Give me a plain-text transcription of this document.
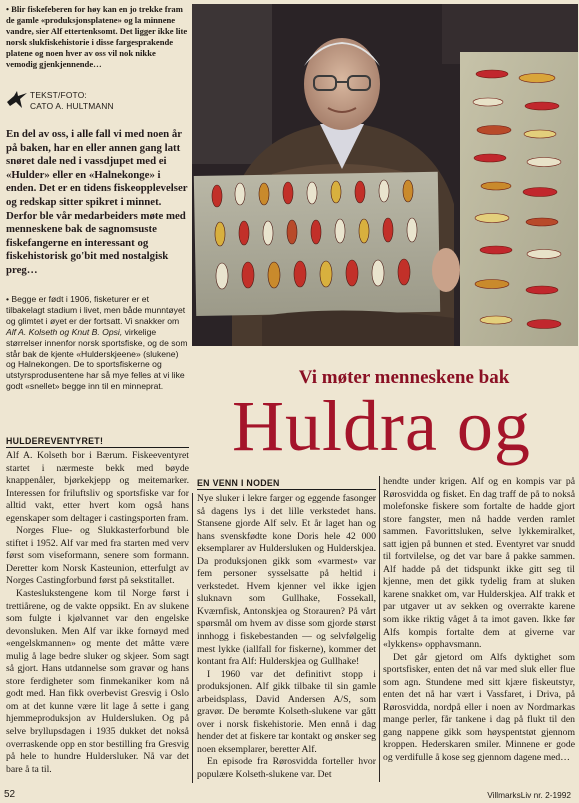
• Blir fiskefeberen for høy kan en jo trekke fram de gamle «produksjonsplatene» og la minnene vandre, sier Alf ettertenksomt. Det ligger ikke lite norsk slukfiskehistorie i disse fargesprakende platene og noen hver av oss vil nok nikke vemodig gjenkjennende…

TEKST/FOTO:
CATO A. HULTMANN

En del av oss, i alle fall vi med noen år på baken, har en eller annen gang latt snøret dale ned i vassdjupet med ei «Hulder» eller en «Halnekonge» i enden. Det er en tidens fiskeopplevelser og redskap sitter spikret i minnet. Derfor ble vår medarbeiders møte med menneskene bak de sagnomsuste fiskefangerne en interessant og fiskehistorisk go'bit med nostalgisk preg…

• Begge er født i 1906, fisketurer er et tilbakelagt stadium i livet, men både munntøyet og glimtet i øyet er der fortsatt. Vi snakker om Alf A. Kolseth og Knut B. Opsi, virkelige størrelser innenfor norsk sportsfiske, og de som står bak de kjente «Hulderskjeene» (slukene) og Halnekongen. De to sportsfiskerne og utstyrsprodusentene har så mye felles at vi like godt «snellet» begge inn til en minneprat.	Vi møter menneskene bak
Huldra og
HULDEREVENTYRET!

Alf A. Kolseth bor i Bærum. Fiskeeventyret startet i nærmeste bekk med bøyde knappenåler, bjørkekjepp og meitemarker. Interessen for friluftsliv og sportsfiske var for alltid vakt, etter hvert kom også hans egenskaper som deltager i castingsporten fram.

Norges Flue- og Slukkasterforbund ble stiftet i 1952. Alf var med fra starten med verv først som viseformann, senere som formann. Deretter kom Norsk Kasteunion, etterfulgt av Norges Castingforbund først på sekstitallet.

Kasteslukstengene kom til Norge først i trettiårene, og de vakte oppsikt. En av slukene som fulgte i kjølvannet var den engelske devonsluken. Men Alf var ikke fornøyd med «engelskmannen» og mente det måtte være mulig å lage bedre sluker og skjeer. Som sagt så gjort. Hans utdannelse som gravør og hans store ferdigheter som finmekaniker kom nå godt med. Han fikk overbevist Gresvig i Oslo om at det kunne være lit lage å sette i gang hjemmeproduksjon av Huldersluken. Og på selve bryllupsdagen i 1935 dukket det nokså overraskende opp en stor bestilling fra Gresvig på hele to hundre Huldersluker. Nå var det bare å ta til.

EN VENN I NODEN

Nye sluker i lekre farger og eggende fasonger så dagens lys i det lille verkstedet hans. Stansene gjorde Alf selv. Et år laget han og hans svenskfødte kone Doris hele 42 000 eksemplarer av Huldersluken og Hulderskjea. Da produksjonen gikk som «varmest» var fem personer sysselsatte på heltid i verkstedet. Hvem kjenner vel ikke igjen sluknavn som Gullhake, Fossekall, Kværnfisk, Antonskjea og Storauren? På vårt spørsmål om hvem av disse som gjorde størst innhogg i fiskebestanden — og selvfølgelig mest lykke (iallfall for fiskerne), kommer det kontant fra Alf: Hulderskjea og Gullhake!

I 1960 var det definitivt stopp i produksjonen. Alf gikk tilbake til sin gamle arbeidsplass, David Andersen A/S, som gravør. De berømte Kolseth-slukene var gått over i norsk fiskehistorie. Men ennå i dag hender det at fiskere tar kontakt og ønsker seg noen eksemplarer, beretter Alf.

En episode fra Rørosvidda forteller hvor populære Kolseth-slukene var. Det

hendte under krigen. Alf og en kompis var på Rørosvidda og fisket. En dag traff de på to nokså molefonske fiskere som fortalte de hadde gjort store fangster, men nå hadde verden ramlet sammen. Favorittsluken, selve lykkemiralket, satt igjen på bunnen et sted. Eventyret var snudd til fortvilelse, og det var bare å pakke sammen. Alf hadde på det tidspunkt ikke gitt seg til kjenne, men det gikk tydelig fram at sluken karene snakket om, var Hulderskjea. Alf trakk et par utgaver ut av sekken og overrakte karene som ikke riktig våget å ta imot gaven. Ikke før Alfs kompis fortalte dem at giverne var «lykkens» opphavsmann.

Det går gjetord om Alfs dyktighet som sportsfisker, enten det nå var med sluk eller flue som agn. Stundene med sitt kjære fiskeutstyr, enten det nå har vært i Vassfaret, i Driva, på Rørosvidda, nordpå eller i noen av Nordmarkas mange perler, får tankene i dag på flukt til den gang nappene gikk som høyspentstøt gjennom kroppen. Hederskaren smiler. Minnene er gode og verdifulle å kose seg gjennom dagene med…

52	VillmarksLiv nr. 2-1992
